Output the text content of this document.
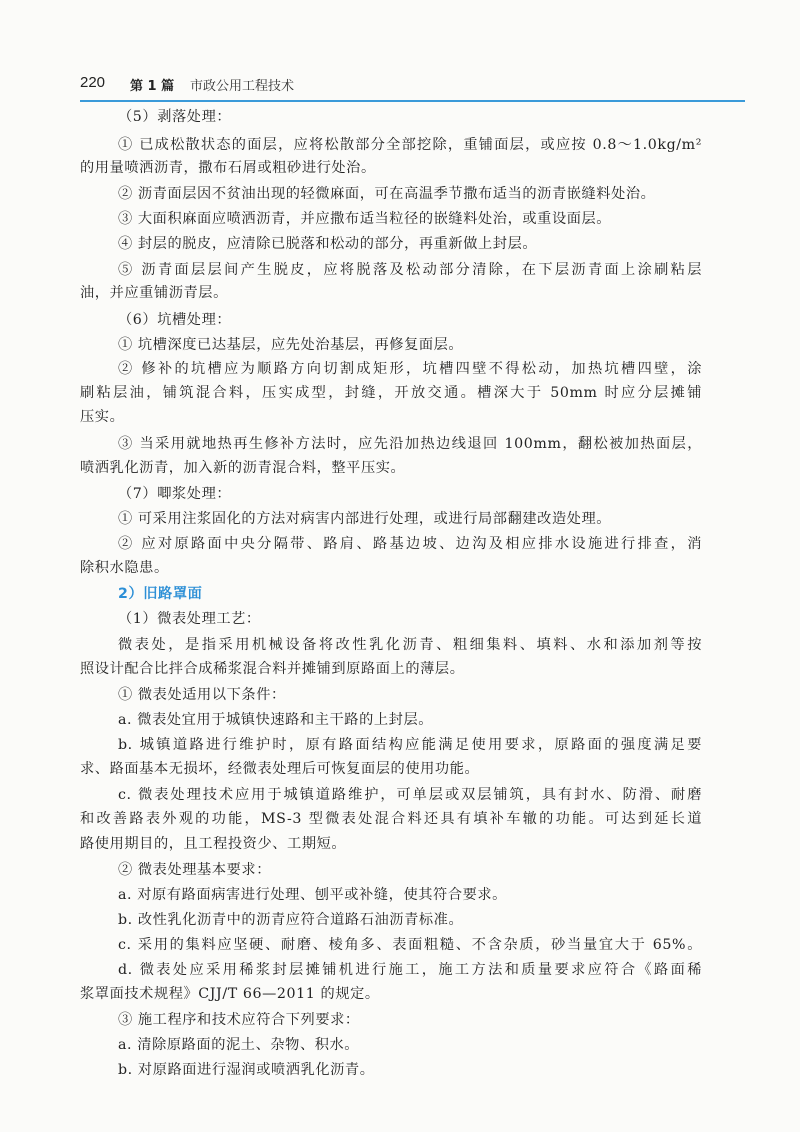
220 第 1 篇 市政公用工程技术
（5）剥落处理：
① 已成松散状态的面层，应将松散部分全部挖除，重铺面层，或应按 0.8～1.0kg/m²
的用量喷洒沥青，撒布石屑或粗砂进行处治。
② 沥青面层因不贫油出现的轻微麻面，可在高温季节撒布适当的沥青嵌缝料处治。
③ 大面积麻面应喷洒沥青，并应撒布适当粒径的嵌缝料处治，或重设面层。
④ 封层的脱皮，应清除已脱落和松动的部分，再重新做上封层。
⑤ 沥青面层层间产生脱皮，应将脱落及松动部分清除，在下层沥青面上涂刷粘层
油，并应重铺沥青层。
（6）坑槽处理：
① 坑槽深度已达基层，应先处治基层，再修复面层。
② 修补的坑槽应为顺路方向切割成矩形，坑槽四壁不得松动，加热坑槽四壁，涂
刷粘层油，铺筑混合料，压实成型，封缝，开放交通。槽深大于 50mm 时应分层摊铺
压实。
③ 当采用就地热再生修补方法时，应先沿加热边线退回 100mm，翻松被加热面层，
喷洒乳化沥青，加入新的沥青混合料，整平压实。
（7）唧浆处理：
① 可采用注浆固化的方法对病害内部进行处理，或进行局部翻建改造处理。
② 应对原路面中央分隔带、路肩、路基边坡、边沟及相应排水设施进行排查，消
除积水隐患。
2）旧路罩面
（1）微表处理工艺：
微表处，是指采用机械设备将改性乳化沥青、粗细集料、填料、水和添加剂等按
照设计配合比拌合成稀浆混合料并摊铺到原路面上的薄层。
① 微表处适用以下条件：
a. 微表处宜用于城镇快速路和主干路的上封层。
b. 城镇道路进行维护时，原有路面结构应能满足使用要求，原路面的强度满足要
求、路面基本无损坏，经微表处理后可恢复面层的使用功能。
c. 微表处理技术应用于城镇道路维护，可单层或双层铺筑，具有封水、防滑、耐磨
和改善路表外观的功能，MS-3 型微表处混合料还具有填补车辙的功能。可达到延长道
路使用期目的，且工程投资少、工期短。
② 微表处理基本要求：
a. 对原有路面病害进行处理、刨平或补缝，使其符合要求。
b. 改性乳化沥青中的沥青应符合道路石油沥青标准。
c. 采用的集料应坚硬、耐磨、棱角多、表面粗糙、不含杂质，砂当量宜大于 65%。
d. 微表处应采用稀浆封层摊铺机进行施工，施工方法和质量要求应符合《路面稀
浆罩面技术规程》CJJ/T 66—2011 的规定。
③ 施工程序和技术应符合下列要求：
a. 清除原路面的泥土、杂物、积水。
b. 对原路面进行湿润或喷洒乳化沥青。
